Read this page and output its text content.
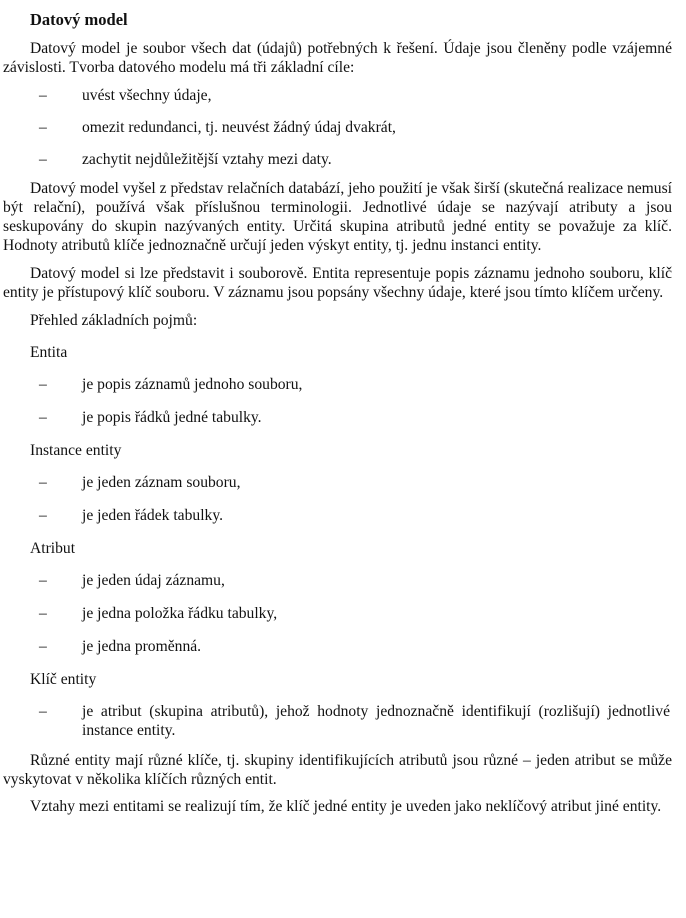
Datový model

Datový model je soubor všech dat (údajů) potřebných k řešení. Údaje jsou členěny podle vzájemné závislosti. Tvorba datového modelu má tři základní cíle:

– uvést všechny údaje,
– omezit redundanci, tj. neuvést žádný údaj dvakrát,
– zachytit nejdůležitější vztahy mezi daty.

Datový model vyšel z představ relačních databází, jeho použití je však širší (skutečná realizace nemusí být relační), používá však příslušnou terminologii. Jednotlivé údaje se nazývají atributy a jsou seskupovány do skupin nazývaných entity. Určitá skupina atributů jedné entity se považuje za klíč. Hodnoty atributů klíče jednoznačně určují jeden výskyt entity, tj. jednu instanci entity.

Datový model si lze představit i souborově. Entita representuje popis záznamu jednoho souboru, klíč entity je přístupový klíč souboru. V záznamu jsou popsány všechny údaje, které jsou tímto klíčem určeny.

Přehled základních pojmů:
Entita
– je popis záznamů jednoho souboru,
– je popis řádků jedné tabulky.
Instance entity
– je jeden záznam souboru,
– je jeden řádek tabulky.
Atribut
– je jeden údaj záznamu,
– je jedna položka řádku tabulky,
– je jedna proměnná.
Klíč entity
– je atribut (skupina atributů), jehož hodnoty jednoznačně identifikují (rozlišují) jednotlivé instance entity.

Různé entity mají různé klíče, tj. skupiny identifikujících atributů jsou různé – jeden atribut se může vyskytovat v několika klíčích různých entit.

Vztahy mezi entitami se realizují tím, že klíč jedné entity je uveden jako neklíčový atribut jiné entity.
